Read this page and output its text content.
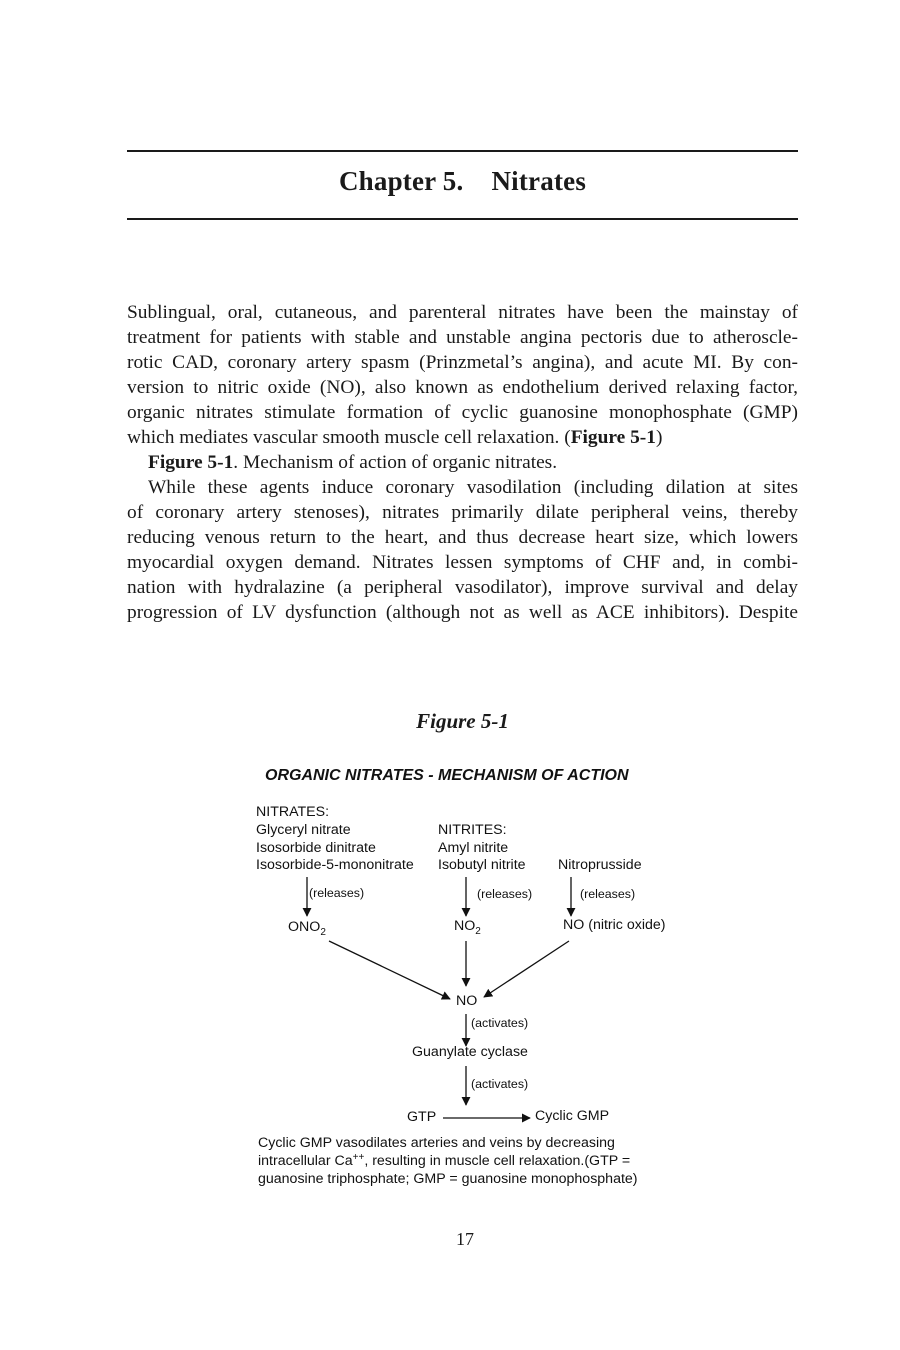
Chapter 5. Nitrates
Sublingual, oral, cutaneous, and parenteral nitrates have been the mainstay of
treatment for patients with stable and unstable angina pectoris due to atheroscle-
rotic CAD, coronary artery spasm (Prinzmetal’s angina), and acute MI. By con-
version to nitric oxide (NO), also known as endothelium derived relaxing factor,
organic nitrates stimulate formation of cyclic guanosine monophosphate (GMP)
which mediates vascular smooth muscle cell relaxation. (Figure 5-1)
Figure 5-1. Mechanism of action of organic nitrates.
While these agents induce coronary vasodilation (including dilation at sites
of coronary artery stenoses), nitrates primarily dilate peripheral veins, thereby
reducing venous return to the heart, and thus decrease heart size, which lowers
myocardial oxygen demand. Nitrates lessen symptoms of CHF and, in combi-
nation with hydralazine (a peripheral vasodilator), improve survival and delay
progression of LV dysfunction (although not as well as ACE inhibitors). Despite
Figure 5-1
ORGANIC NITRATES - MECHANISM OF ACTION
NITRATES:
Glyceryl nitrate
Isosorbide dinitrate
Isosorbide-5-mononitrate
NITRITES:
Amyl nitrite
Isobutyl nitrite Nitroprusside
(releases)	(releases)	(releases)
$ONO_2$	$NO_2$	NO (nitric oxide)
NO
(activates)
Guanylate cyclase
(activates)
GTP	Cyclic GMP
Cyclic GMP vasodilates arteries and veins by decreasing
intracellular Ca++, resulting in muscle cell relaxation.(GTP =
guanosine triphosphate; GMP = guanosine monophosphate)
17
